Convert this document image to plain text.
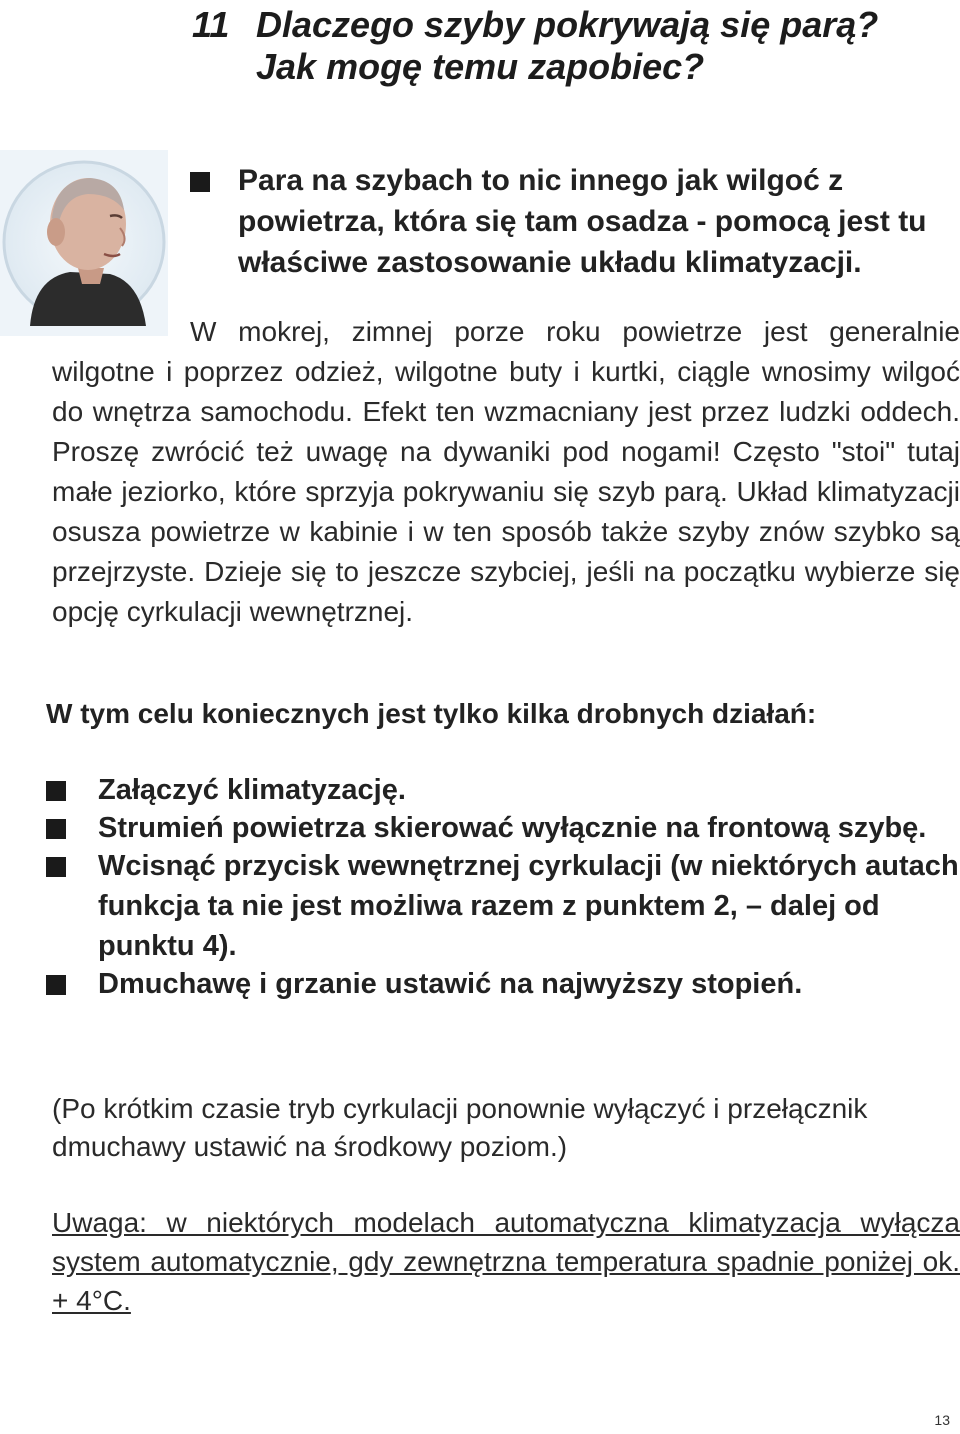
11 Dlaczego szyby pokrywają się parą?
Jak mogę temu zapobiec?

Para na szybach to nic innego jak wilgoć z powietrza, która się tam osadza - pomocą jest tu właściwe zastosowanie układu klimatyzacji.

W mokrej, zimnej porze roku powietrze jest generalnie wilgotne i poprzez odzież, wilgotne buty i kurtki, ciągle wnosimy wilgoć do wnętrza samochodu. Efekt ten wzmacniany jest przez ludzki oddech. Proszę zwrócić też uwagę na dywaniki pod nogami! Często "stoi" tutaj małe jeziorko, które sprzyja pokrywaniu się szyb parą. Układ klimatyzacji osusza powietrze w kabinie i w ten sposób także szyby znów szybko są przejrzyste. Dzieje się to jeszcze szybciej, jeśli na początku wybierze się opcję cyrkulacji wewnętrznej.

W tym celu koniecznych jest tylko kilka drobnych działań:

Załączyć klimatyzację.
Strumień powietrza skierować wyłącznie na frontową szybę.
Wcisnąć przycisk wewnętrznej cyrkulacji (w niektórych autach funkcja ta nie jest możliwa razem z punktem 2, – dalej od punktu 4).
Dmuchawę i grzanie ustawić na najwyższy stopień.

(Po krótkim czasie tryb cyrkulacji ponownie wyłączyć i przełącznik dmuchawy ustawić na środkowy poziom.)

Uwaga: w niektórych modelach automatyczna klimatyzacja wyłącza system automatycznie, gdy zewnętrzna temperatura spadnie poniżej ok. + 4°C.

13
